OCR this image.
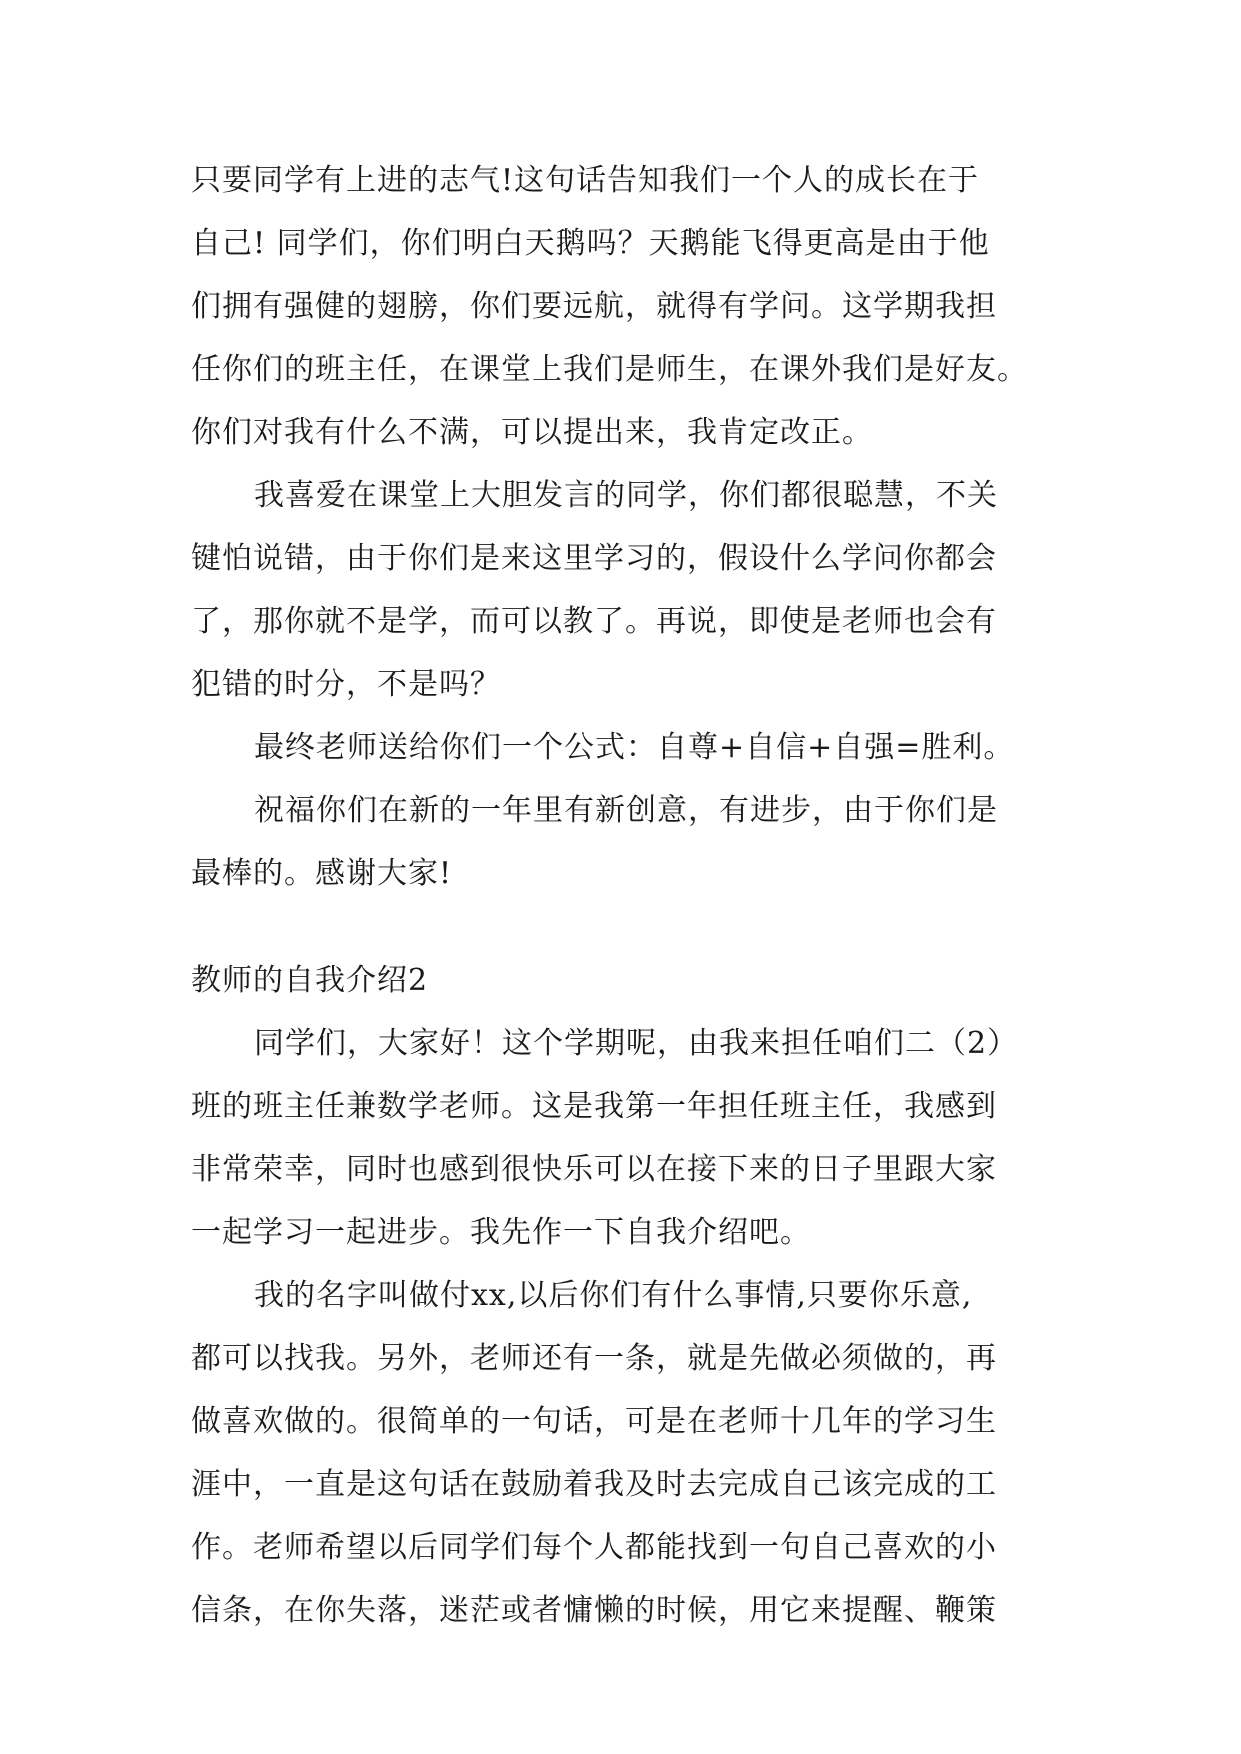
只要同学有上进的志气!这句话告知我们一个人的成长在于
自己! 同学们，你们明白天鹅吗？天鹅能飞得更高是由于他
们拥有强健的翅膀，你们要远航，就得有学问。这学期我担
任你们的班主任，在课堂上我们是师生，在课外我们是好友。
你们对我有什么不满，可以提出来，我肯定改正。
我喜爱在课堂上大胆发言的同学，你们都很聪慧，不关
键怕说错，由于你们是来这里学习的，假设什么学问你都会
了，那你就不是学，而可以教了。再说，即使是老师也会有
犯错的时分，不是吗？
最终老师送给你们一个公式：自尊+自信+自强=胜利。
祝福你们在新的一年里有新创意，有进步，由于你们是
最棒的。感谢大家!
教师的自我介绍2
同学们，大家好！这个学期呢，由我来担任咱们二（2）
班的班主任兼数学老师。这是我第一年担任班主任，我感到
非常荣幸，同时也感到很快乐可以在接下来的日子里跟大家
一起学习一起进步。我先作一下自我介绍吧。
我的名字叫做付xx,以后你们有什么事情,只要你乐意,
都可以找我。另外，老师还有一条，就是先做必须做的，再
做喜欢做的。很简单的一句话，可是在老师十几年的学习生
涯中，一直是这句话在鼓励着我及时去完成自己该完成的工
作。老师希望以后同学们每个人都能找到一句自己喜欢的小
信条，在你失落，迷茫或者慵懒的时候，用它来提醒、鞭策
